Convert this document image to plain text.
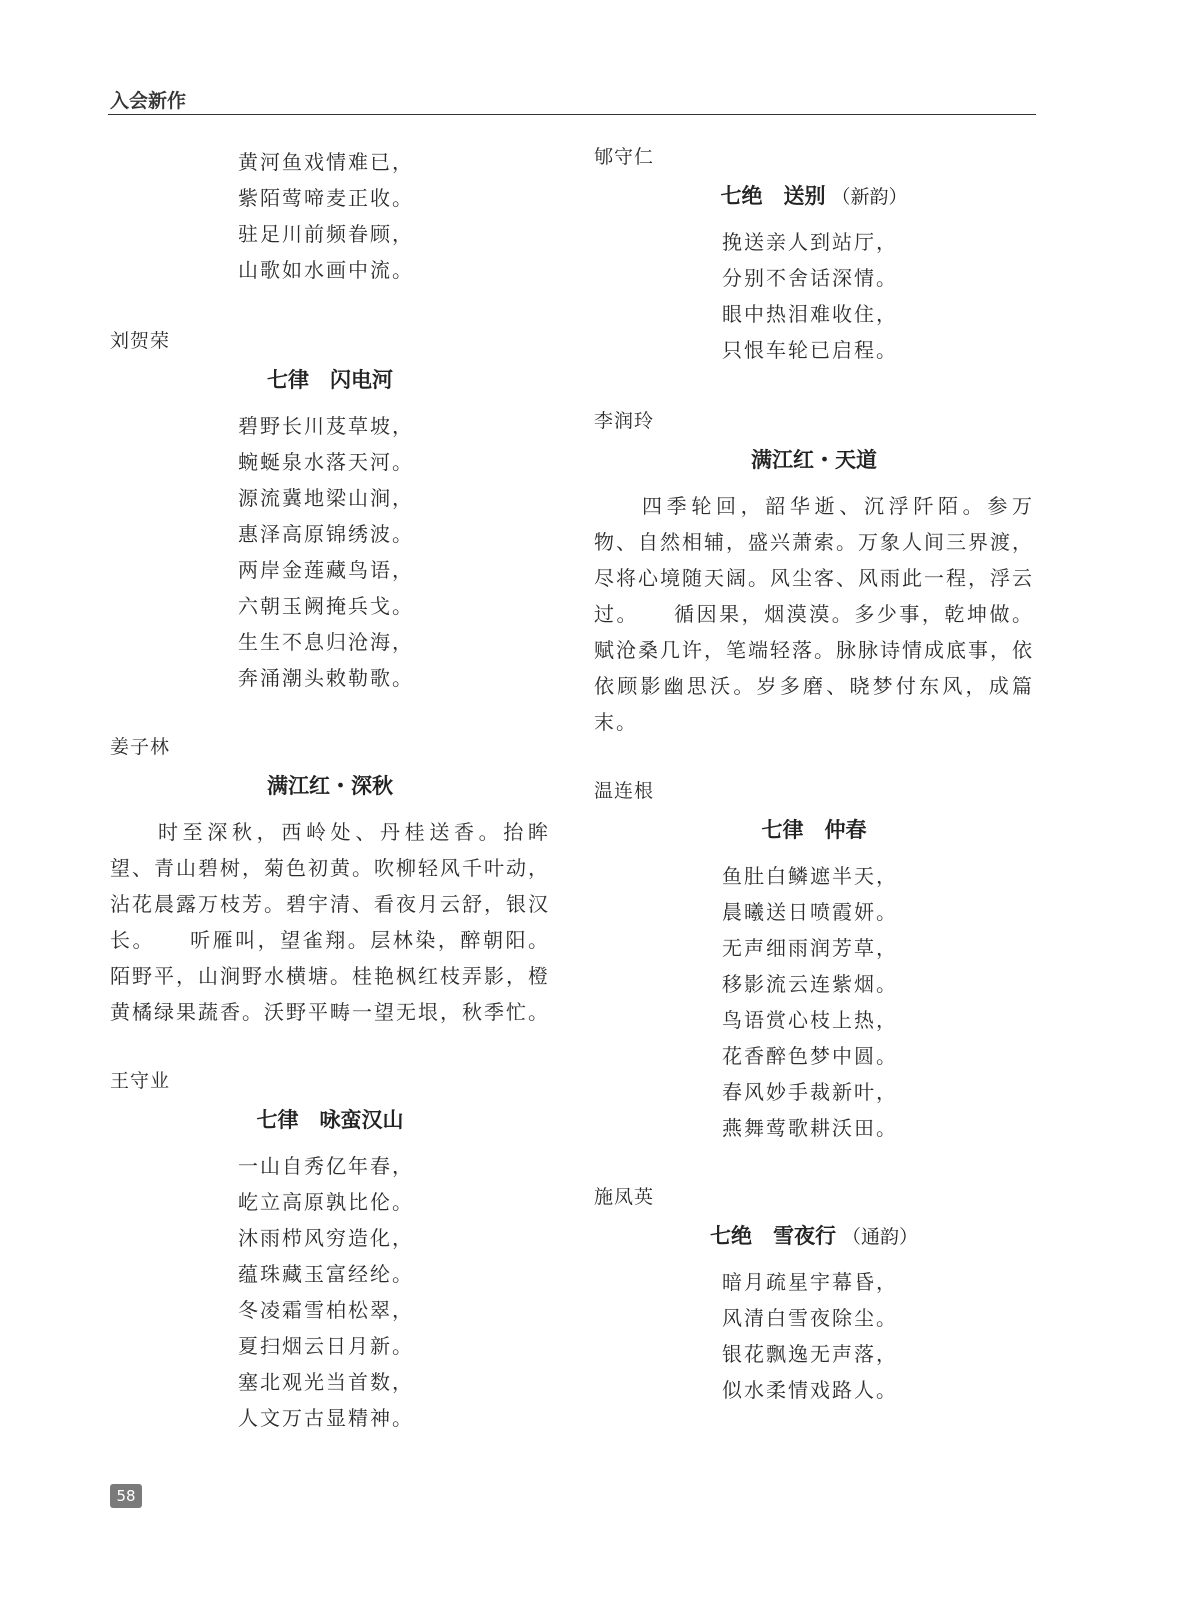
入会新作
黄河鱼戏情难已，
紫陌莺啼麦正收。
驻足川前频眷顾，
山歌如水画中流。
刘贺荣
七律　闪电河
碧野长川芨草坡，
蜿蜒泉水落天河。
源流冀地梁山涧，
惠泽高原锦绣波。
两岸金莲藏鸟语，
六朝玉阙掩兵戈。
生生不息归沧海，
奔涌潮头敕勒歌。
姜子林
满江红・深秋
时至深秋，西岭处、丹桂送香。抬眸望、青山碧树，菊色初黄。吹柳轻风千叶动，沾花晨露万枝芳。碧宇清、看夜月云舒，银汉长。　　听雁叫，望雀翔。层林染，醉朝阳。陌野平，山涧野水横塘。桂艳枫红枝弄影，橙黄橘绿果蔬香。沃野平畴一望无垠，秋季忙。
王守业
七律　咏蛮汉山
一山自秀亿年春，
屹立高原孰比伦。
沐雨栉风穷造化，
蕴珠藏玉富经纶。
冬凌霜雪柏松翠，
夏扫烟云日月新。
塞北观光当首数，
人文万古显精神。
郇守仁
七绝　送别 （新韵）
挽送亲人到站厅，
分别不舍话深情。
眼中热泪难收住，
只恨车轮已启程。
李润玲
满江红・天道
四季轮回，韶华逝、沉浮阡陌。参万物、自然相辅，盛兴萧索。万象人间三界渡，尽将心境随天阔。风尘客、风雨此一程，浮云过。　　循因果，烟漠漠。多少事，乾坤做。赋沧桑几许，笔端轻落。脉脉诗情成底事，依依顾影幽思沃。岁多磨、晓梦付东风，成篇末。
温连根
七律　仲春
鱼肚白鳞遮半天，
晨曦送日喷霞妍。
无声细雨润芳草，
移影流云连紫烟。
鸟语赏心枝上热，
花香醉色梦中圆。
春风妙手裁新叶，
燕舞莺歌耕沃田。
施凤英
七绝　雪夜行 （通韵）
暗月疏星宇幕昏，
风清白雪夜除尘。
银花飘逸无声落，
似水柔情戏路人。
58
